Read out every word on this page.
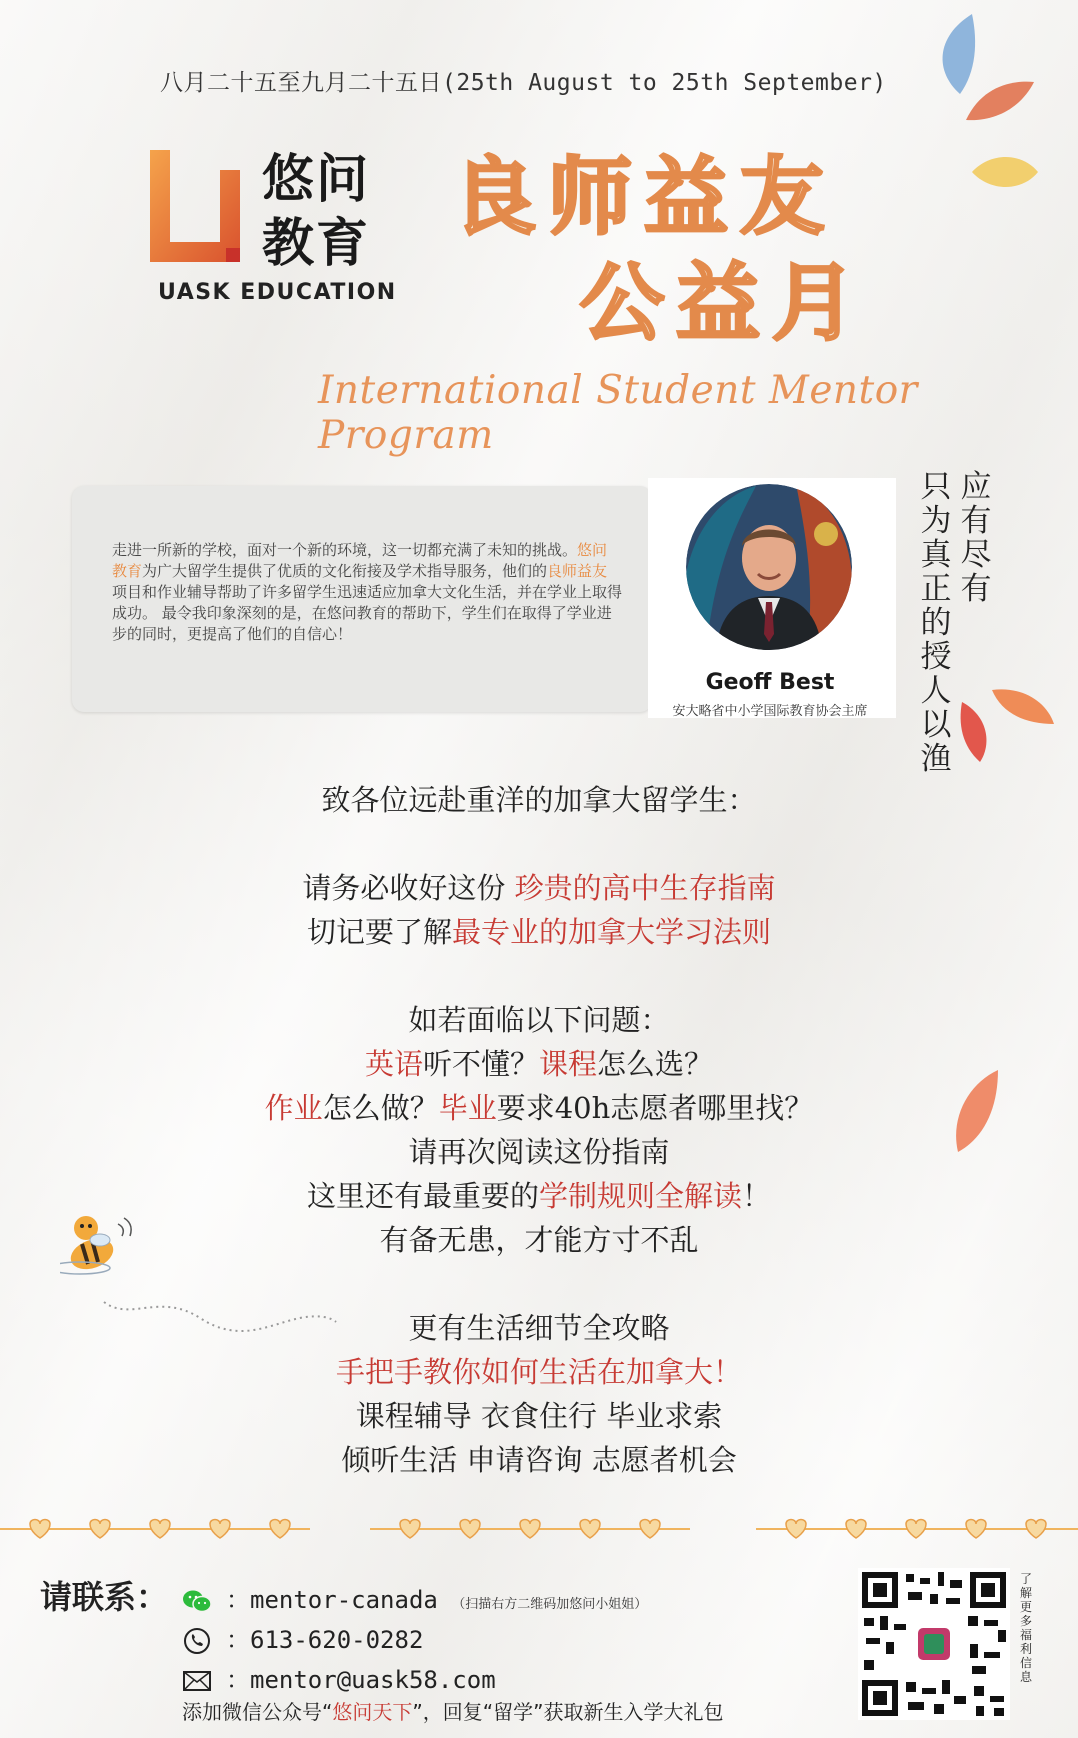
八月二十五至九月二十五日(25th August to 25th September)
悠问
教育
UASK EDUCATION
良师益友
公益月
International Student Mentor Program
走进一所新的学校，面对一个新的环境，这一切都充满了未知的挑战。悠问教育为广大留学生提供了优质的文化衔接及学术指导服务，他们的良师益友项目和作业辅导帮助了许多留学生迅速适应加拿大文化生活，并在学业上取得成功。 最令我印象深刻的是，在悠问教育的帮助下，学生们在取得了学业进步的同时，更提高了他们的自信心！
Geoff Best
安大略省中小学国际教育协会主席
应有尽有
只为真正的授人以渔
致各位远赴重洋的加拿大留学生：
请务必收好这份 珍贵的高中生存指南
切记要了解最专业的加拿大学习法则
如若面临以下问题：
英语听不懂？课程怎么选？
作业怎么做？毕业要求40h志愿者哪里找？
请再次阅读这份指南
这里还有最重要的学制规则全解读！
有备无患，才能方寸不乱
更有生活细节全攻略
手把手教你如何生活在加拿大！
课程辅导 衣食住行 毕业求索
倾听生活 申请咨询 志愿者机会
请联系：	：mentor-canada （扫描右方二维码加悠问小姐姐）
：613-620-0282
：mentor@uask58.com
添加微信公众号“悠问天下”，回复“留学”获取新生入学大礼包
了解更多福利信息
